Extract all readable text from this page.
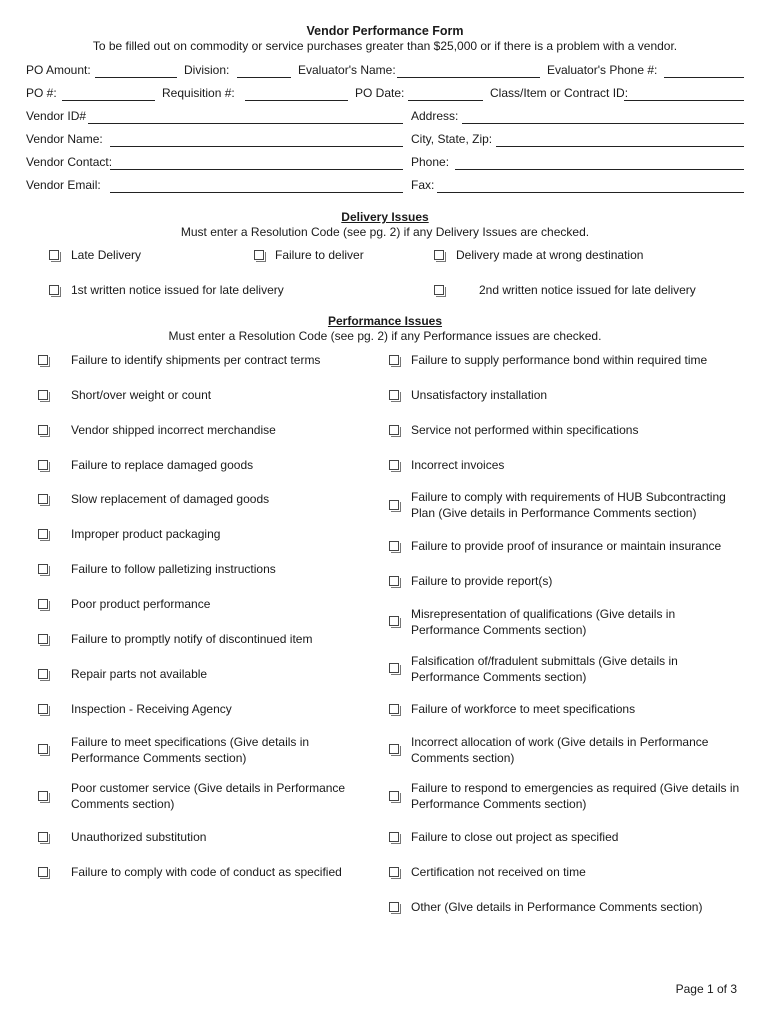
Vendor Performance Form
To be filled out on commodity or service purchases greater than $25,000 or if there is a problem with a vendor.
PO Amount:	Division:	Evaluator's Name:	Evaluator's Phone #:
PO #:	Requisition #:	PO Date:	Class/Item or Contract ID:
Vendor ID#	Address:
Vendor Name:	City, State, Zip:
Vendor Contact:	Phone:
Vendor Email:	Fax:
Delivery Issues
Must enter a Resolution Code (see pg. 2) if any Delivery Issues are checked.
Late Delivery	Failure to deliver	Delivery made at wrong destination
1st written notice issued for late delivery	2nd written notice issued for late delivery
Performance Issues
Must enter a Resolution Code (see pg. 2) if any Performance issues are checked.
Failure to identify shipments per contract terms
Short/over weight or count
Vendor shipped incorrect merchandise
Failure to replace damaged goods
Slow replacement of damaged goods
Improper product packaging
Failure to follow palletizing instructions
Poor product performance
Failure to promptly notify of discontinued item
Repair parts not available
Inspection - Receiving Agency
Failure to meet specifications (Give details in
Performance Comments section)
Poor customer service (Give details in Performance
Comments section)
Unauthorized substitution
Failure to comply with code of conduct as specified
Failure to supply performance bond within required time
Unsatisfactory installation
Service not performed within specifications
Incorrect invoices
Failure to comply with requirements of HUB Subcontracting
Plan (Give details in Performance Comments section)
Failure to provide proof of insurance or maintain insurance
Failure to provide report(s)
Misrepresentation of qualifications (Give details in
Performance Comments section)
Falsification of/fradulent submittals (Give details in
Performance Comments section)
Failure of workforce to meet specifications
Incorrect allocation of work (Give details in Performance
Comments section)
Failure to respond to emergencies as required (Give details in
Performance Comments section)
Failure to close out project as specified
Certification not received on time
Other (Glve details in Performance Comments section)
Page 1 of 3
